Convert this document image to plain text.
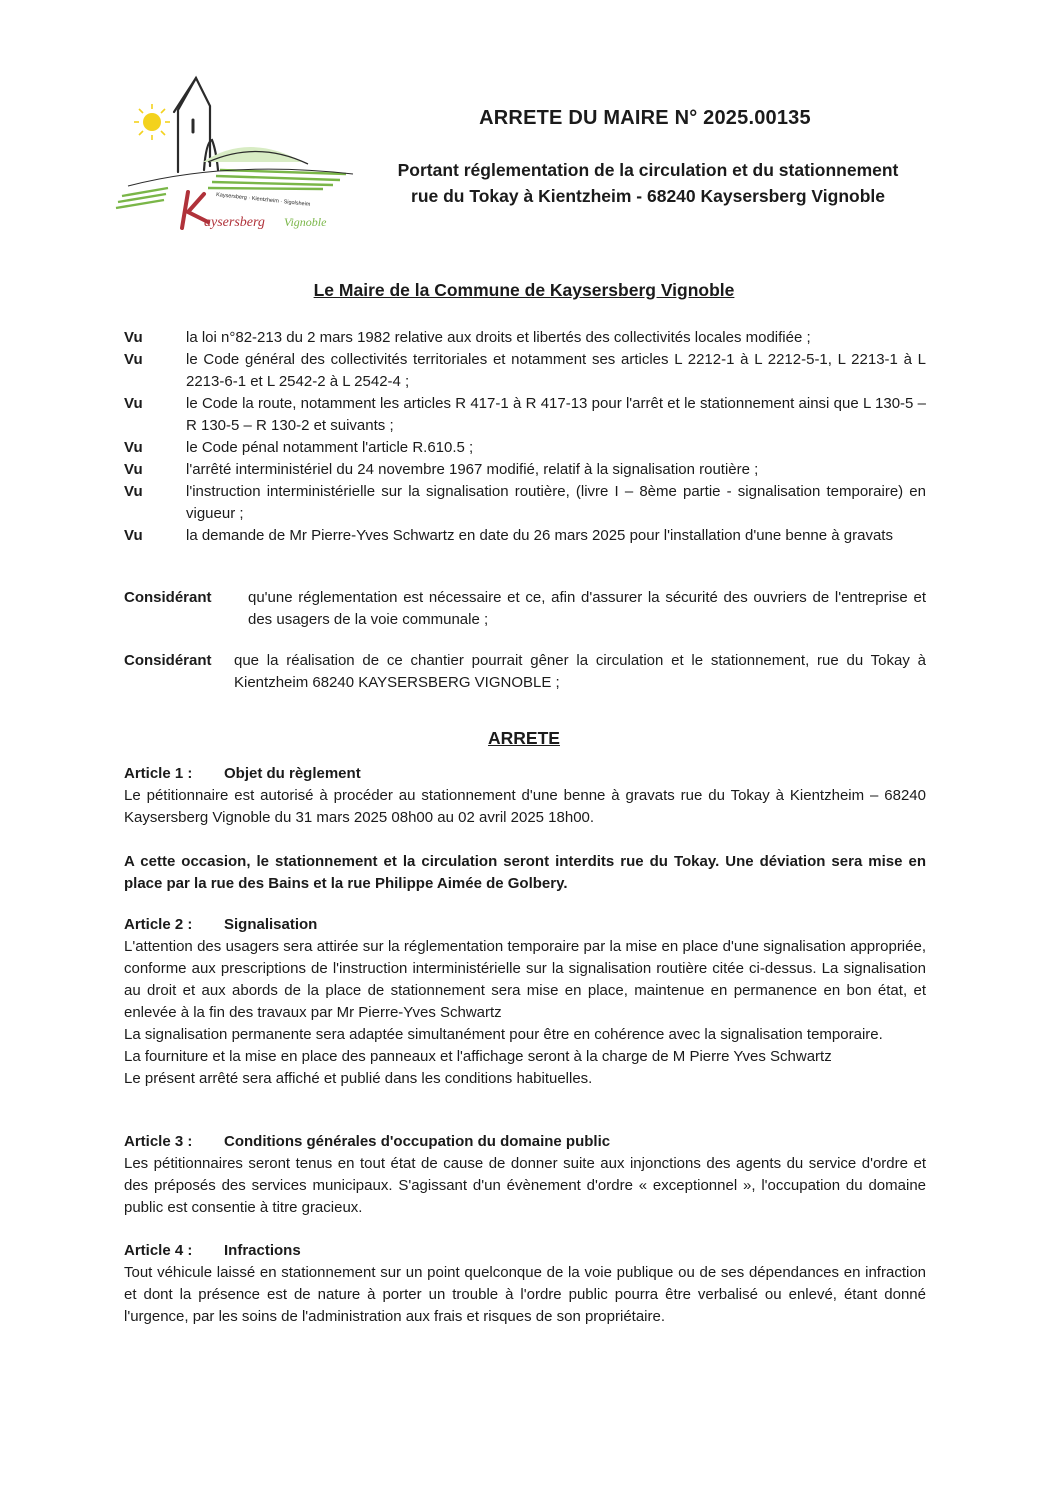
Kaysersberg · Kientzheim · Sigolsheim
aysersberg Vignoble
ARRETE DU MAIRE N° 2025.00135
Portant réglementation de la circulation et du stationnement
rue du Tokay à Kientzheim - 68240 Kaysersberg Vignoble
Le Maire de la Commune de Kaysersberg Vignoble
Vu	la loi n°82-213 du 2 mars 1982 relative aux droits et libertés des collectivités locales modifiée ;
Vu	le Code général des collectivités territoriales et notamment ses articles L 2212-1 à L 2212-5-1, L 2213-1 à L 2213-6-1 et L 2542-2 à L 2542-4 ;
Vu	le Code la route, notamment les articles R 417-1 à R 417-13 pour l'arrêt et le stationnement ainsi que L 130-5 – R 130-5 – R 130-2 et suivants ;
Vu	le Code pénal notamment l'article R.610.5 ;
Vu	l'arrêté interministériel du 24 novembre 1967 modifié, relatif à la signalisation routière ;
Vu	l'instruction interministérielle sur la signalisation routière, (livre I – 8ème partie - signalisation temporaire) en vigueur ;
Vu	la demande de Mr Pierre-Yves Schwartz en date du 26 mars 2025 pour l'installation d'une benne à gravats
Considérant	qu'une réglementation est nécessaire et ce, afin d'assurer la sécurité des ouvriers de l'entreprise et des usagers de la voie communale ;
Considérant	que la réalisation de ce chantier pourrait gêner la circulation et le stationnement, rue du Tokay à Kientzheim 68240 KAYSERSBERG VIGNOBLE ;
ARRETE
Article 1 :	Objet du règlement

Le pétitionnaire est autorisé à procéder au stationnement d'une benne à gravats rue du Tokay à Kientzheim – 68240 Kaysersberg Vignoble du 31 mars 2025 08h00 au 02 avril 2025 18h00.

A cette occasion, le stationnement et la circulation seront interdits rue du Tokay. Une déviation sera mise en place par la rue des Bains et la rue Philippe Aimée de Golbery.

Article 2 :	Signalisation

L'attention des usagers sera attirée sur la réglementation temporaire par la mise en place d'une signalisation appropriée, conforme aux prescriptions de l'instruction interministérielle sur la signalisation routière citée ci-dessus. La signalisation au droit et aux abords de la place de stationnement sera mise en place, maintenue en permanence en bon état, et enlevée à la fin des travaux par Mr Pierre-Yves Schwartz

La signalisation permanente sera adaptée simultanément pour être en cohérence avec la signalisation temporaire.

La fourniture et la mise en place des panneaux et l'affichage seront à la charge de M Pierre Yves Schwartz

Le présent arrêté sera affiché et publié dans les conditions habituelles.

Article 3 :	Conditions générales d'occupation du domaine public

Les pétitionnaires seront tenus en tout état de cause de donner suite aux injonctions des agents du service d'ordre et des préposés des services municipaux. S'agissant d'un évènement d'ordre « exceptionnel », l'occupation du domaine public est consentie à titre gracieux.

Article 4 :	Infractions

Tout véhicule laissé en stationnement sur un point quelconque de la voie publique ou de ses dépendances en infraction et dont la présence est de nature à porter un trouble à l'ordre public pourra être verbalisé ou enlevé, étant donné l'urgence, par les soins de l'administration aux frais et risques de son propriétaire.
